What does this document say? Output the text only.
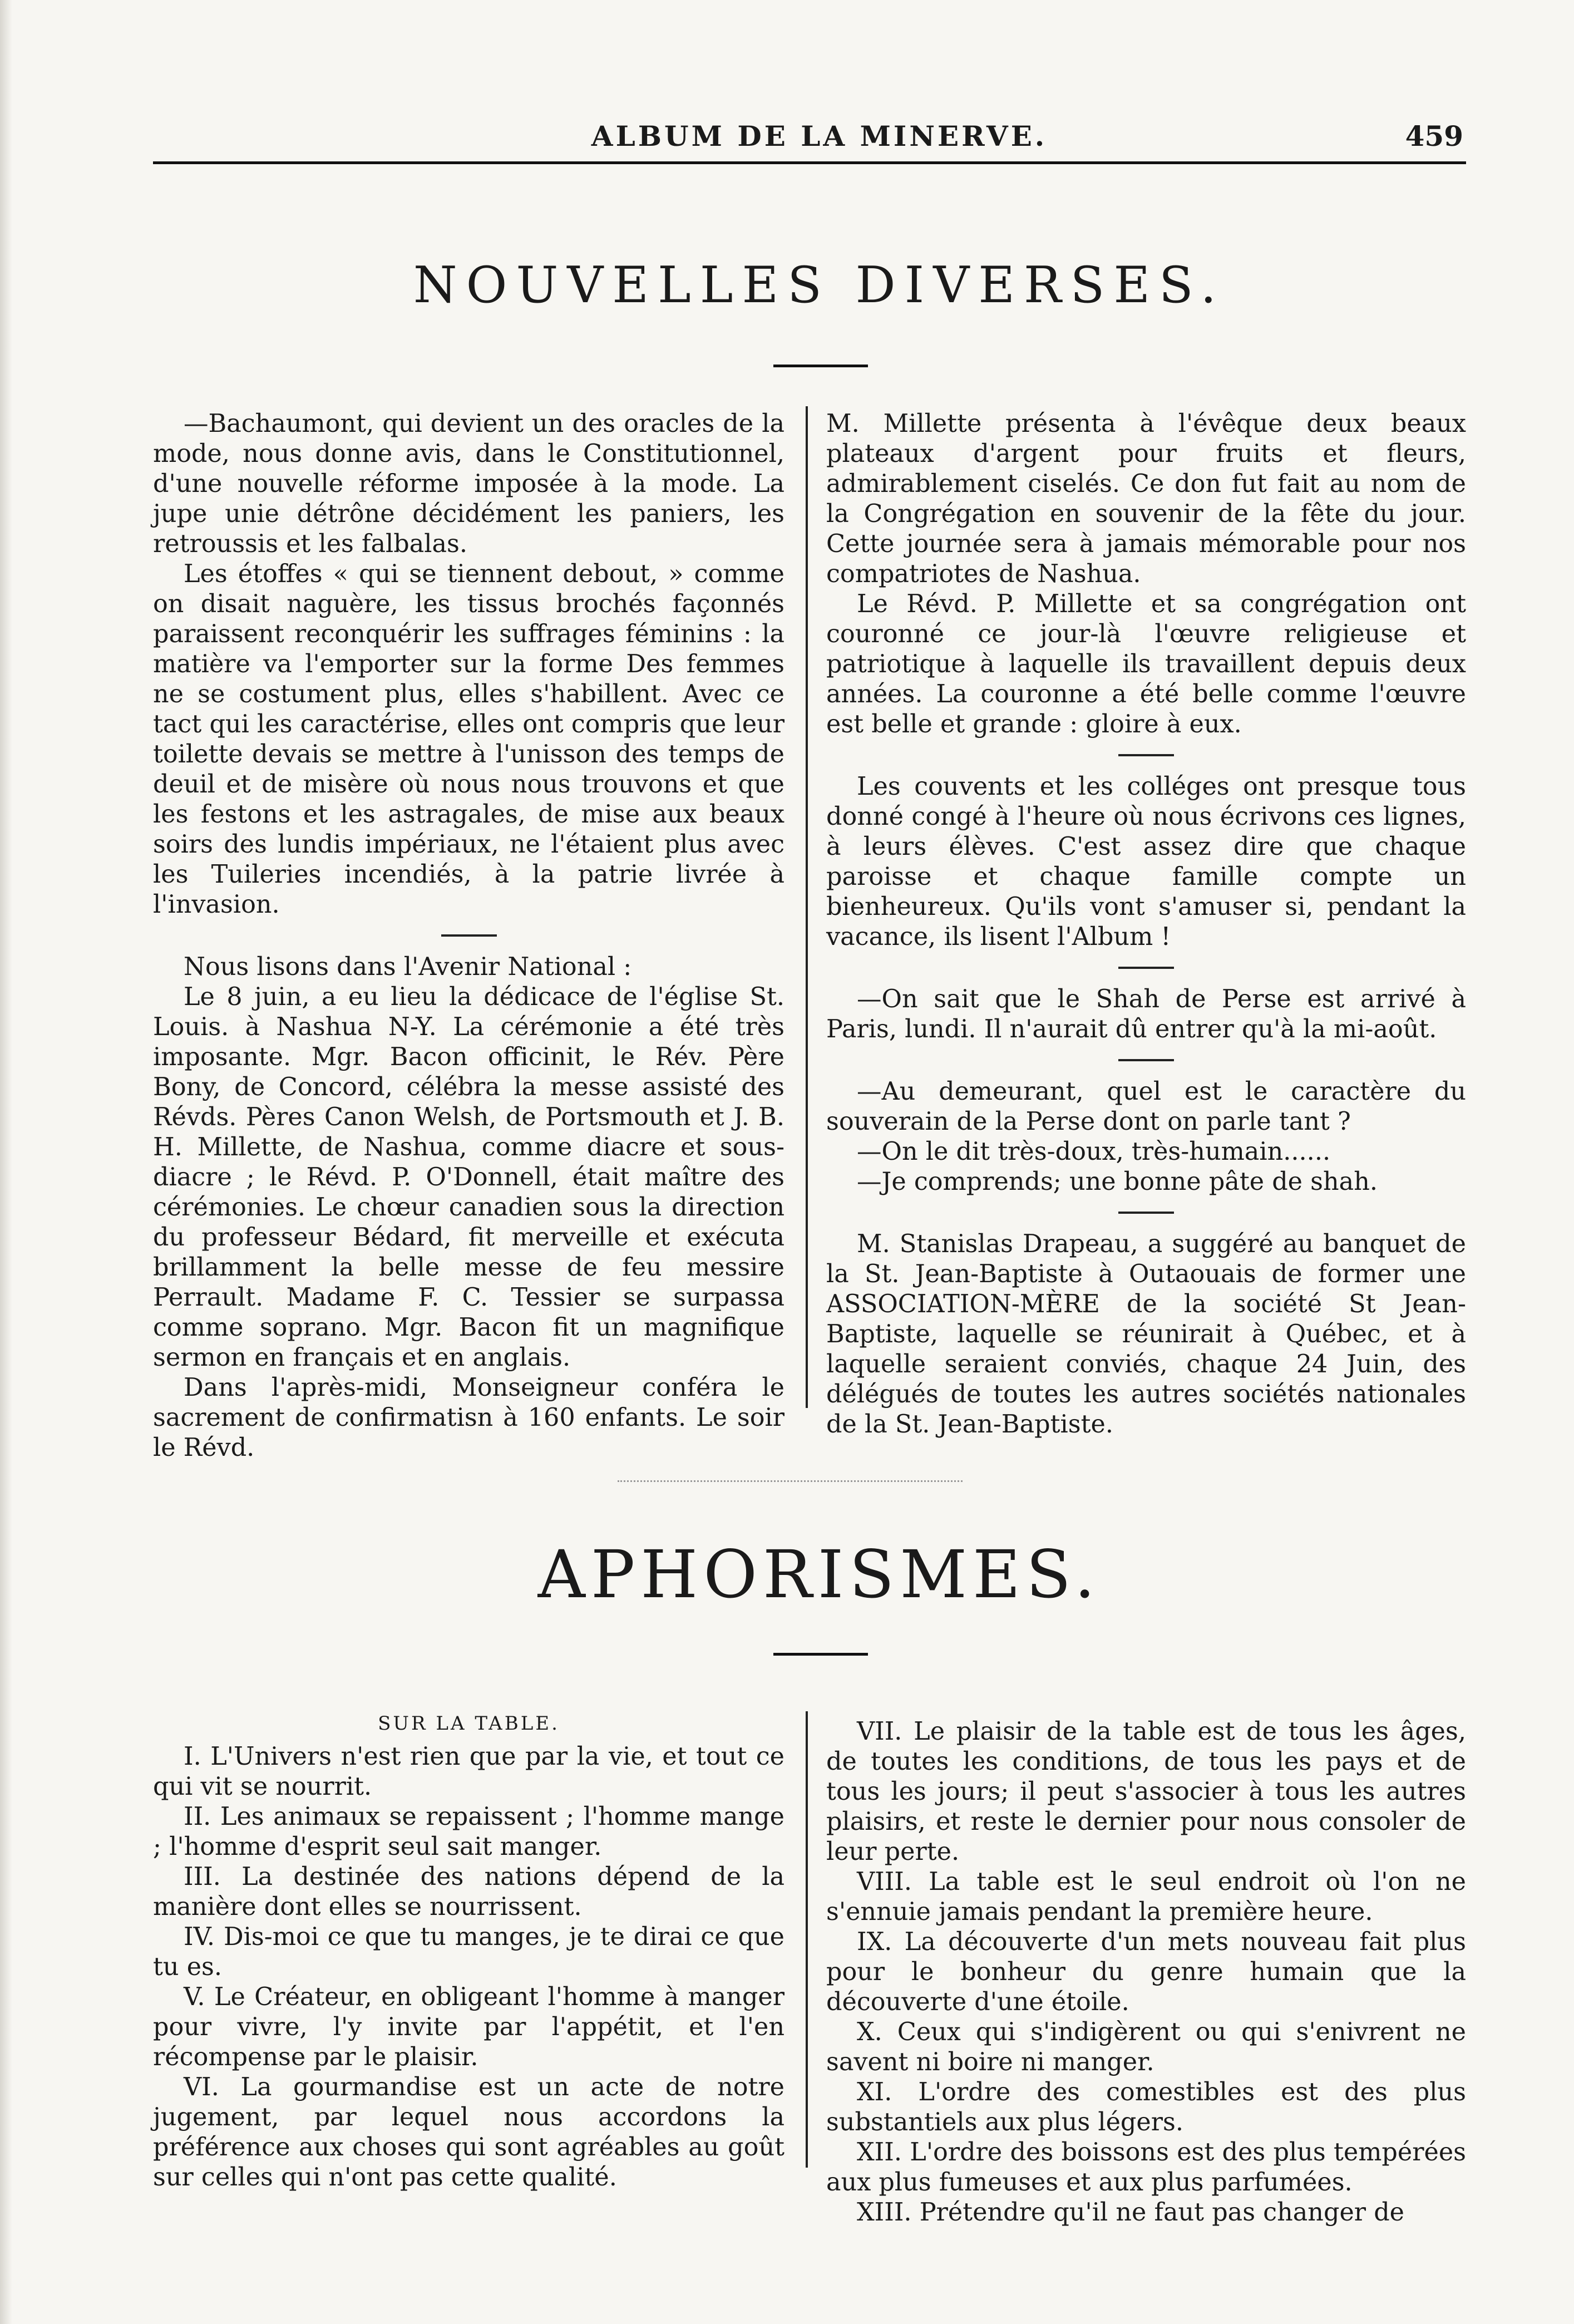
ALBUM DE LA MINERVE.	459
NOUVELLES DIVERSES.

—Bachaumont, qui devient un des oracles de la mode, nous donne avis, dans le Constitutionnel, d'une nouvelle réforme imposée à la mode. La jupe unie détrône décidément les paniers, les retroussis et les falbalas.

Les étoffes « qui se tiennent debout, » comme on disait naguère, les tissus brochés façonnés paraissent reconquérir les suffrages féminins : la matière va l'emporter sur la forme Des femmes ne se costument plus, elles s'habillent. Avec ce tact qui les caractérise, elles ont compris que leur toilette devais se mettre à l'unisson des temps de deuil et de misère où nous nous trouvons et que les festons et les astragales, de mise aux beaux soirs des lundis impériaux, ne l'étaient plus avec les Tuileries incendiés, à la patrie livrée à l'invasion.

Nous lisons dans l'Avenir National :

Le 8 juin, a eu lieu la dédicace de l'église St. Louis. à Nashua N-Y. La cérémonie a été très imposante. Mgr. Bacon officinit, le Rév. Père Bony, de Concord, célébra la messe assisté des Révds. Pères Canon Welsh, de Portsmouth et J. B. H. Millette, de Nashua, comme diacre et sous-diacre ; le Révd. P. O'Donnell, était maître des cérémonies. Le chœur canadien sous la direction du professeur Bédard, fit merveille et exécuta brillamment la belle messe de feu messire Perrault. Madame F. C. Tessier se surpassa comme soprano. Mgr. Bacon fit un magnifique sermon en français et en anglais.

Dans l'après-midi, Monseigneur conféra le sacrement de confirmatisn à 160 enfants. Le soir le Révd.

M. Millette présenta à l'évêque deux beaux plateaux d'argent pour fruits et fleurs, admirablement ciselés. Ce don fut fait au nom de la Congrégation en souvenir de la fête du jour. Cette journée sera à jamais mémorable pour nos compatriotes de Nashua.

Le Révd. P. Millette et sa congrégation ont couronné ce jour-là l'œuvre religieuse et patriotique à laquelle ils travaillent depuis deux années. La couronne a été belle comme l'œuvre est belle et grande : gloire à eux.

Les couvents et les colléges ont presque tous donné congé à l'heure où nous écrivons ces lignes, à leurs élèves. C'est assez dire que chaque paroisse et chaque famille compte un bienheureux. Qu'ils vont s'amuser si, pendant la vacance, ils lisent l'Album !

—On sait que le Shah de Perse est arrivé à Paris, lundi. Il n'aurait dû entrer qu'à la mi-août.

—Au demeurant, quel est le caractère du souverain de la Perse dont on parle tant ?

—On le dit très-doux, très-humain......

—Je comprends; une bonne pâte de shah.

M. Stanislas Drapeau, a suggéré au banquet de la St. Jean-Baptiste à Outaouais de former une ASSOCIATION-MÈRE de la société St Jean-Baptiste, laquelle se réunirait à Québec, et à laquelle seraient conviés, chaque 24 Juin, des délégués de toutes les autres sociétés nationales de la St. Jean-Baptiste.

APHORISMES.
SUR LA TABLE.

I. L'Univers n'est rien que par la vie, et tout ce qui vit se nourrit.

II. Les animaux se repaissent ; l'homme mange ; l'homme d'esprit seul sait manger.

III. La destinée des nations dépend de la manière dont elles se nourrissent.

IV. Dis-moi ce que tu manges, je te dirai ce que tu es.

V. Le Créateur, en obligeant l'homme à manger pour vivre, l'y invite par l'appétit, et l'en récompense par le plaisir.

VI. La gourmandise est un acte de notre jugement, par lequel nous accordons la préférence aux choses qui sont agréables au goût sur celles qui n'ont pas cette qualité.

VII. Le plaisir de la table est de tous les âges, de toutes les conditions, de tous les pays et de tous les jours; il peut s'associer à tous les autres plaisirs, et reste le dernier pour nous consoler de leur perte.

VIII. La table est le seul endroit où l'on ne s'ennuie jamais pendant la première heure.

IX. La découverte d'un mets nouveau fait plus pour le bonheur du genre humain que la découverte d'une étoile.

X. Ceux qui s'indigèrent ou qui s'enivrent ne savent ni boire ni manger.

XI. L'ordre des comestibles est des plus substantiels aux plus légers.

XII. L'ordre des boissons est des plus tempérées aux plus fumeuses et aux plus parfumées.

XIII. Prétendre qu'il ne faut pas changer de
